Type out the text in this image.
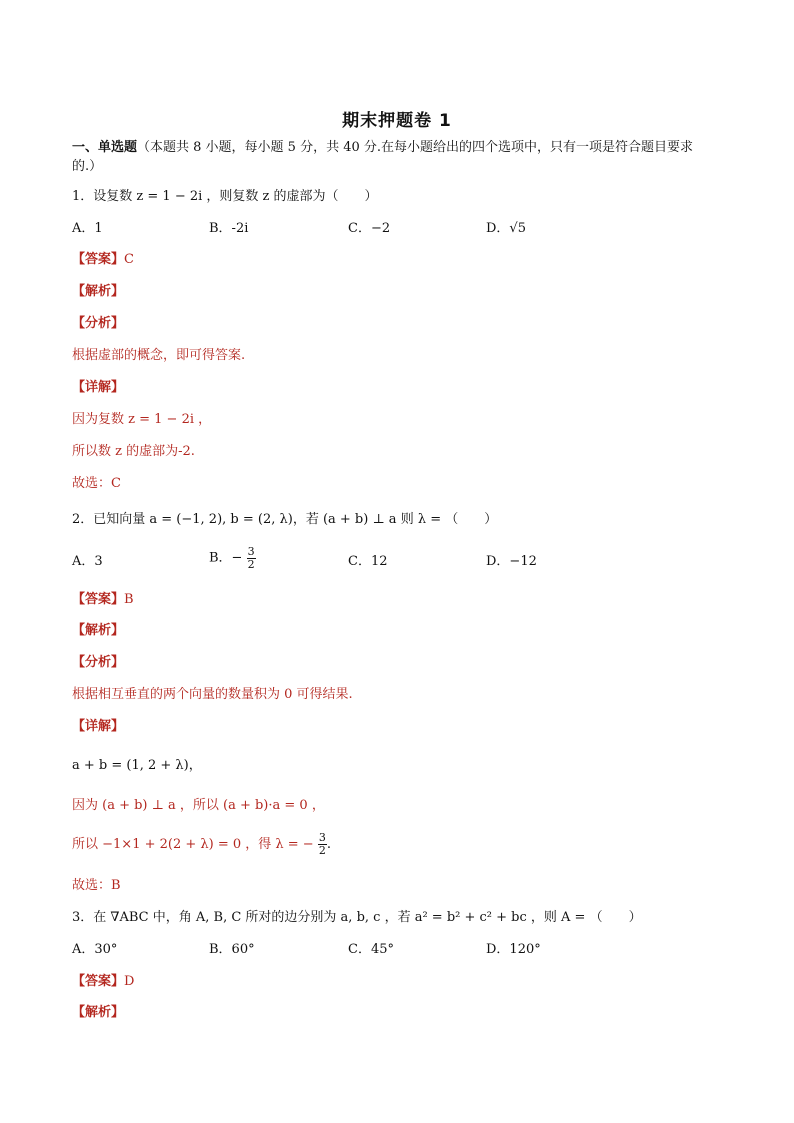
期末押题卷 1
一、单选题（本题共 8 小题，每小题 5 分，共 40 分.在每小题给出的四个选项中，只有一项是符合题目要求
的.）
1．设复数 z = 1 − 2i ，则复数 z 的虚部为（　　）
A．1	B．-2i	C．−2	D．√5
【答案】C
【解析】
【分析】
根据虚部的概念，即可得答案.
【详解】
因为复数 z = 1 − 2i ，
所以数 z 的虚部为-2.
故选：C
2．已知向量 a = (−1, 2), b = (2, λ)，若 (a + b) ⊥ a 则 λ = （　　）
A．3	B．− $\frac{3}{2}$	C．12	D．−12
【答案】B
【解析】
【分析】
根据相互垂直的两个向量的数量积为 0 可得结果.
【详解】
a + b = (1, 2 + λ)，
因为 (a + b) ⊥ a ，所以 (a + b)·a = 0 ，
所以 −1×1 + 2(2 + λ) = 0 ，得 λ = − $\frac{3}{2}$ .
故选：B
3．在 ∇ABC 中，角 A, B, C 所对的边分别为 a, b, c ，若 a² = b² + c² + bc ，则 A = （　　）
A．30°	B．60°	C．45°	D．120°
【答案】D
【解析】
